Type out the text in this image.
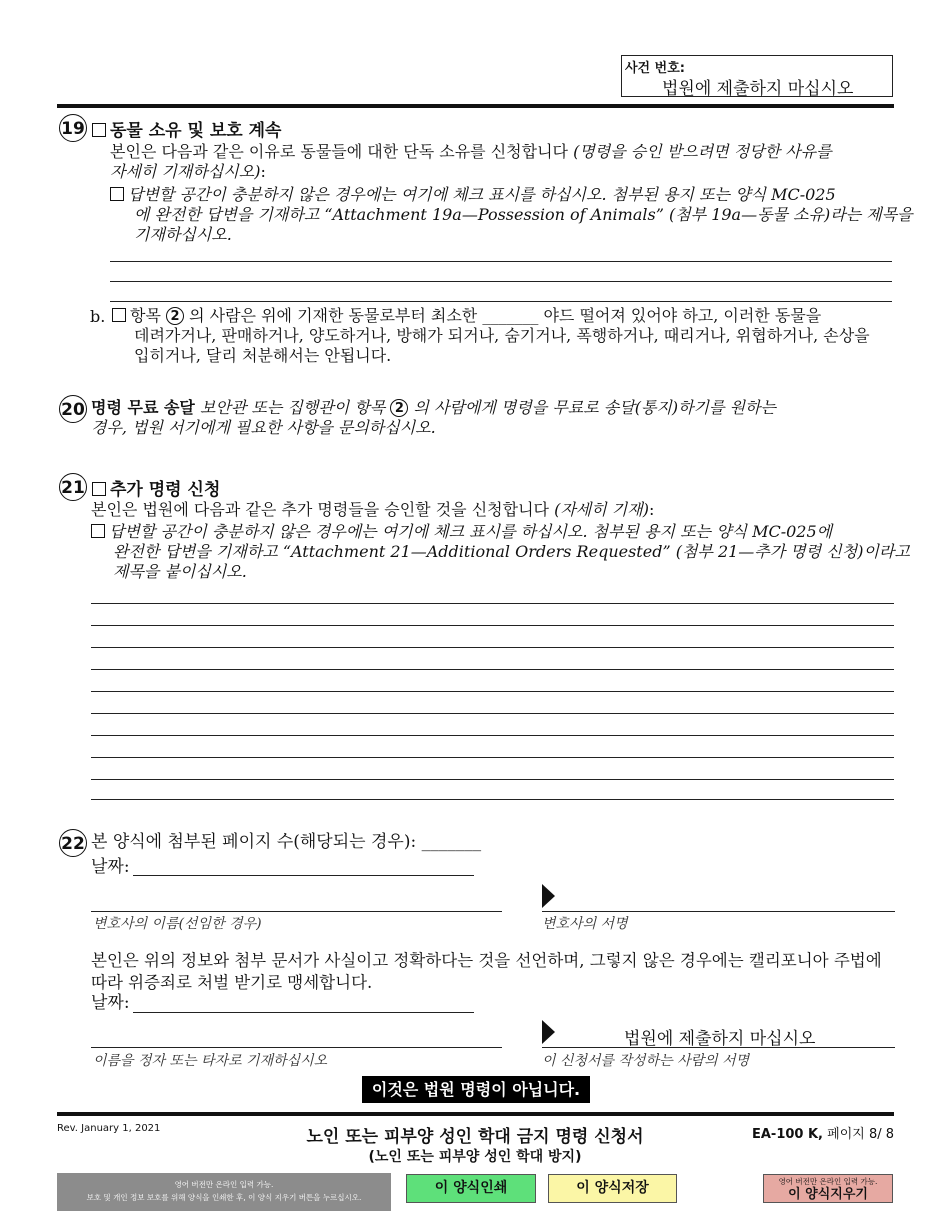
사건 번호:
법원에 제출하지 마십시오
19	동물 소유 및 보호 계속
본인은 다음과 같은 이유로 동물들에 대한 단독 소유를 신청합니다 (명령을 승인 받으려면 정당한 사유를
자세히 기재하십시오):
답변할 공간이 충분하지 않은 경우에는 여기에 체크 표시를 하십시오. 첨부된 용지 또는 양식 MC-025
에 완전한 답변을 기재하고 “Attachment 19a—Possession of Animals” (첨부 19a—동물 소유)라는 제목을
기재하십시오.
b.	항목 2 의 사람은 위에 기재한 동물로부터 최소한 _______ 야드 떨어져 있어야 하고, 이러한 동물을
데려가거나, 판매하거나, 양도하거나, 방해가 되거나, 숨기거나, 폭행하거나, 때리거나, 위협하거나, 손상을
입히거나, 달리 처분해서는 안됩니다.
20 명령 무료 송달 보안관 또는 집행관이 항목 2 의 사람에게 명령을 무료로 송달(통지)하기를 원하는
경우, 법원 서기에게 필요한 사항을 문의하십시오.
21	추가 명령 신청
본인은 법원에 다음과 같은 추가 명령들을 승인할 것을 신청합니다 (자세히 기재):
답변할 공간이 충분하지 않은 경우에는 여기에 체크 표시를 하십시오. 첨부된 용지 또는 양식 MC-025에
완전한 답변을 기재하고 “Attachment 21—Additional Orders Requested” (첨부 21—추가 명령 신청)이라고
제목을 붙이십시오.
22 본 양식에 첨부된 페이지 수(해당되는 경우): _______
날짜:
변호사의 이름(선임한 경우)	변호사의 서명
본인은 위의 정보와 첨부 문서가 사실이고 정확하다는 것을 선언하며, 그렇지 않은 경우에는 캘리포니아 주법에
따라 위증죄로 처벌 받기로 맹세합니다.
날짜:
이름을 정자 또는 타자로 기재하십시오
법원에 제출하지 마십시오
이 신청서를 작성하는 사람의 서명
이것은 법원 명령이 아닙니다.
Rev. January 1, 2021	노인 또는 피부양 성인 학대 금지 명령 신청서
(노인 또는 피부양 성인 학대 방지)
EA-100 K, 페이지 8/ 8
영어 버전만 온라인 입력 가능.
보호 및 개인 정보 보호를 위해 양식을 인쇄한 후, 이 양식 지우기 버튼을 누르십시오.
이 양식인쇄	이 양식저장	영어 버전만 온라인 입력 가능.
이 양식지우기
